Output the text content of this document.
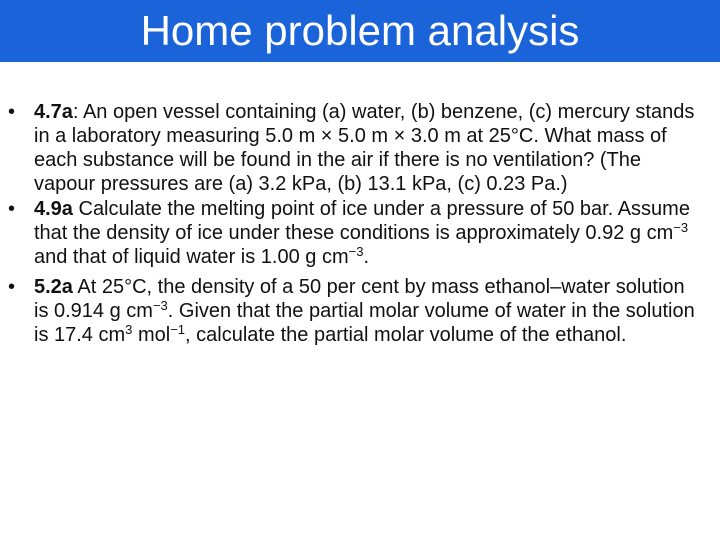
Home problem analysis
• 4.7a: An open vessel containing (a) water, (b) benzene, (c) mercury stands in a laboratory measuring 5.0 m × 5.0 m × 3.0 m at 25°C. What mass of each substance will be found in the air if there is no ventilation? (The vapour pressures are (a) 3.2 kPa, (b) 13.1 kPa, (c) 0.23 Pa.)
• 4.9a Calculate the melting point of ice under a pressure of 50 bar. Assume that the density of ice under these conditions is approximately 0.92 g $cm^{-3}$ and that of liquid water is 1.00 g $cm^{-3}$.
• 5.2a At 25°C, the density of a 50 per cent by mass ethanol–water solution is 0.914 g $cm^{-3}$. Given that the partial molar volume of water in the solution is 17.4 $cm^3$ mol$^{-1}$, calculate the partial molar volume of the ethanol.
